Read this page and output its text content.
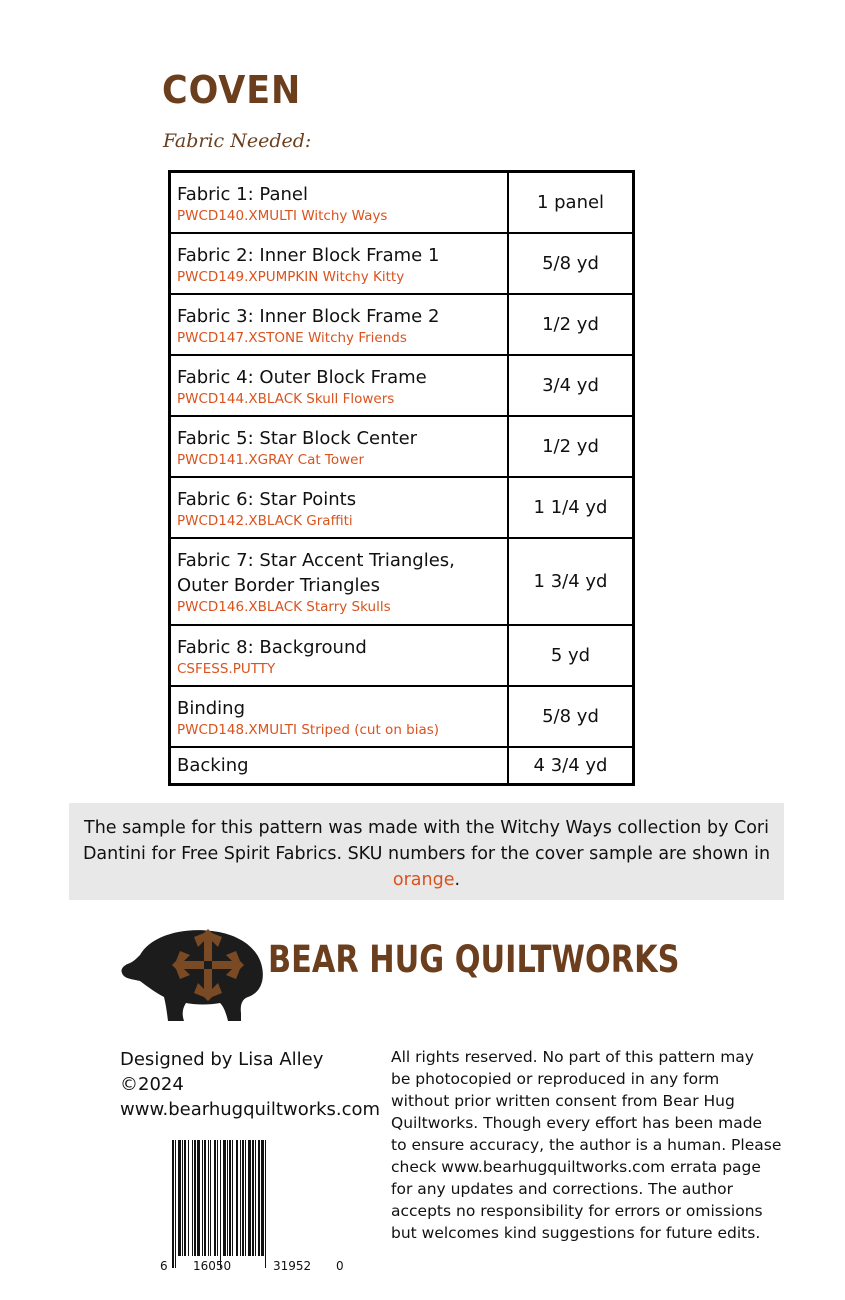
COVEN
Fabric Needed:
Fabric 1: Panel
PWCD140.XMULTI Witchy Ways	1 panel

Fabric 2: Inner Block Frame 1
PWCD149.XPUMPKIN Witchy Kitty	5/8 yd

Fabric 3: Inner Block Frame 2
PWCD147.XSTONE Witchy Friends	1/2 yd

Fabric 4: Outer Block Frame
PWCD144.XBLACK Skull Flowers	3/4 yd

Fabric 5: Star Block Center
PWCD141.XGRAY Cat Tower	1/2 yd

Fabric 6: Star Points
PWCD142.XBLACK Graffiti	1 1/4 yd

Fabric 7: Star Accent Triangles,
Outer Border Triangles
PWCD146.XBLACK Starry Skulls	1 3/4 yd

Fabric 8: Background
CSFESS.PUTTY	5 yd

Binding
PWCD148.XMULTI Striped (cut on bias)	5/8 yd

Backing	4 3/4 yd
The sample for this pattern was made with the Witchy Ways collection by Cori Dantini for Free Spirit Fabrics. SKU numbers for the cover sample are shown in orange.
BEAR HUG QUILTWORKS
Designed by Lisa Alley
©2024
www.bearhugquiltworks.com
All rights reserved. No part of this pattern may
be photocopied or reproduced in any form
without prior written consent from Bear Hug
Quiltworks. Though every effort has been made
to ensure accuracy, the author is a human. Please
check www.bearhugquiltworks.com errata page
for any updates and corrections. The author
accepts no responsibility for errors or omissions
but welcomes kind suggestions for future edits.
6 16050	31952 0
